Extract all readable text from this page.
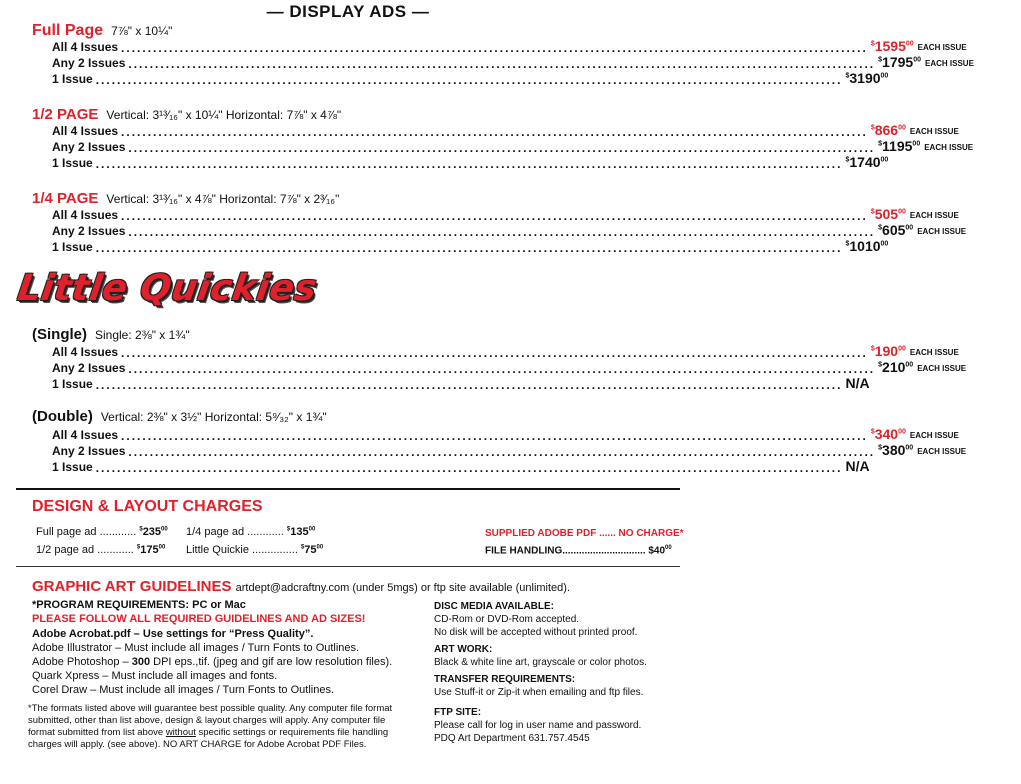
— DISPLAY ADS —
Full Page 7⅞" x 10¼"
1/2 PAGE Vertical: 3¹³⁄₁₆" x 10¼" Horizontal: 7⅞" x 4⅞"
1/4 PAGE Vertical: 3¹³⁄₁₆" x 4⅞" Horizontal: 7⅞" x 2³⁄₁₆"
Little Quickies
(Single) Single: 2⅜" x 1¾"
(Double) Vertical: 2⅜" x 3½" Horizontal: 5⁹⁄₃₂" x 1¾"
DESIGN & LAYOUT CHARGES
Full page ad ............ $^{\$}235^{00}$
1/2 page ad ............ $^{\$}175^{00}$
1/4 page ad ............ $^{\$}135^{00}$
Little Quickie ............... $^{\$}75^{00}$
SUPPLIED ADOBE PDF ...... NO CHARGE*
FILE HANDLING.............................. $\$40^{00}$
GRAPHIC ART GUIDELINES artdept@adcraftny.com (under 5mgs) or ftp site available (unlimited).
*PROGRAM REQUIREMENTS: PC or Mac
PLEASE FOLLOW ALL REQUIRED GUIDELINES AND AD SIZES!
Adobe Acrobat.pdf – Use settings for “Press Quality”.
Adobe Illustrator – Must include all images / Turn Fonts to Outlines.
Adobe Photoshop – 300 DPI eps.,tif. (jpeg and gif are low resolution files).
Quark Xpress – Must include all images and fonts.
Corel Draw – Must include all images / Turn Fonts to Outlines.
*The formats listed above will guarantee best possible quality. Any computer file format submitted, other than list above, design & layout charges will apply. Any computer file format submitted from list above without specific settings or requirements file handling charges will apply. (see above). NO ART CHARGE for Adobe Acrobat PDF Files.
DISC MEDIA AVAILABLE:
CD-Rom or DVD-Rom accepted.
No disk will be accepted without printed proof.
ART WORK:
Black & white line art, grayscale or color photos.
TRANSFER REQUIREMENTS:
Use Stuff-it or Zip-it when emailing and ftp files.
FTP SITE:
Please call for log in user name and password.
PDQ Art Department 631.757.4545
All 4 Issues ............................................................................................................................................ $1595$^{00}$ EACH ISSUE
Any 2 Issues ............................................................................................................................................ $1795$^{00}$ EACH ISSUE
1 Issue ............................................................................................................................................ $3190$^{00}$
All 4 Issues ............................................................................................................................................ $^{\$}866^{00}$ EACH ISSUE
Any 2 Issues ............................................................................................................................................ $1195$^{00}$ EACH ISSUE
1 Issue ............................................................................................................................................ $1740$^{00}$
All 4 Issues ............................................................................................................................................ $^{\$}505^{00}$ EACH ISSUE
Any 2 Issues ............................................................................................................................................ $^{\$}605^{00}$ EACH ISSUE
1 Issue ............................................................................................................................................ $1010$^{00}$
All 4 Issues ............................................................................................................................................ $^{\$}190^{00}$ EACH ISSUE
Any 2 Issues ............................................................................................................................................ $^{\$}210^{00}$ EACH ISSUE
1 Issue ............................................................................................................................................ N/A
All 4 Issues ............................................................................................................................................ $^{\$}340^{00}$ EACH ISSUE
Any 2 Issues ............................................................................................................................................ $^{\$}380^{00}$ EACH ISSUE
1 Issue ............................................................................................................................................ N/A
